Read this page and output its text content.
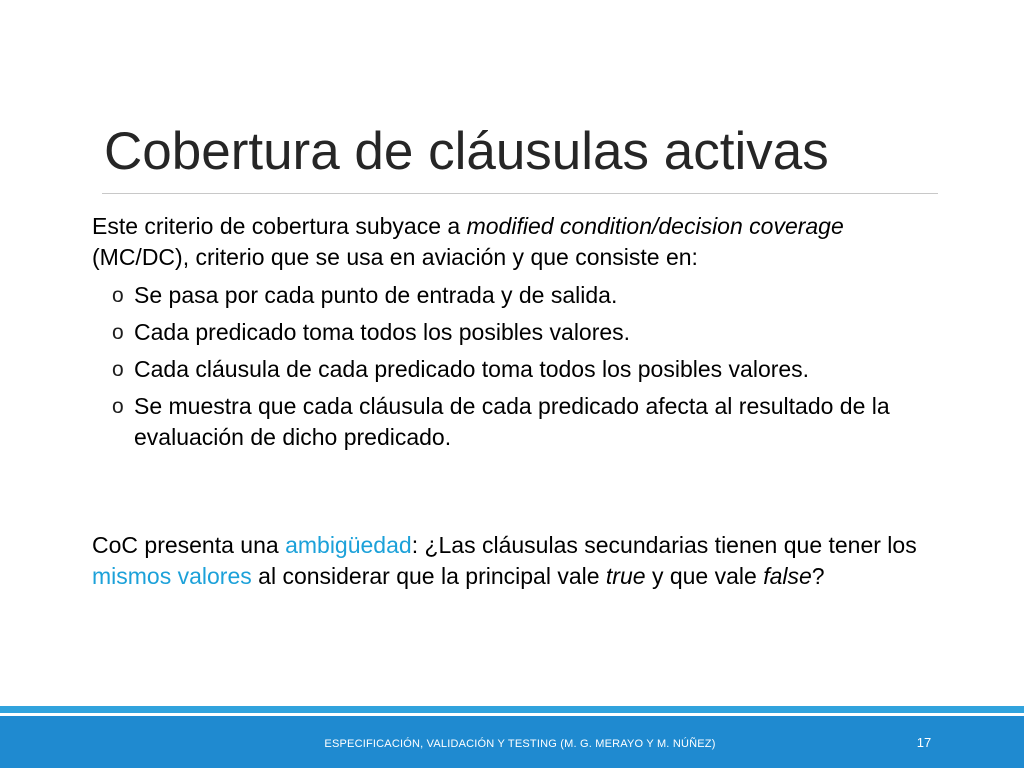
Cobertura de cláusulas activas

Este criterio de cobertura subyace a modified condition/decision coverage (MC/DC), criterio que se usa en aviación y que consiste en:

o Se pasa por cada punto de entrada y de salida.
o Cada predicado toma todos los posibles valores.
o Cada cláusula de cada predicado toma todos los posibles valores.
o Se muestra que cada cláusula de cada predicado afecta al resultado de la evaluación de dicho predicado.

CoC presenta una ambigüedad: ¿Las cláusulas secundarias tienen que tener los mismos valores al considerar que la principal vale true y que vale false?

ESPECIFICACIÓN, VALIDACIÓN Y TESTING (M. G. MERAYO Y M. NÚÑEZ)	17
